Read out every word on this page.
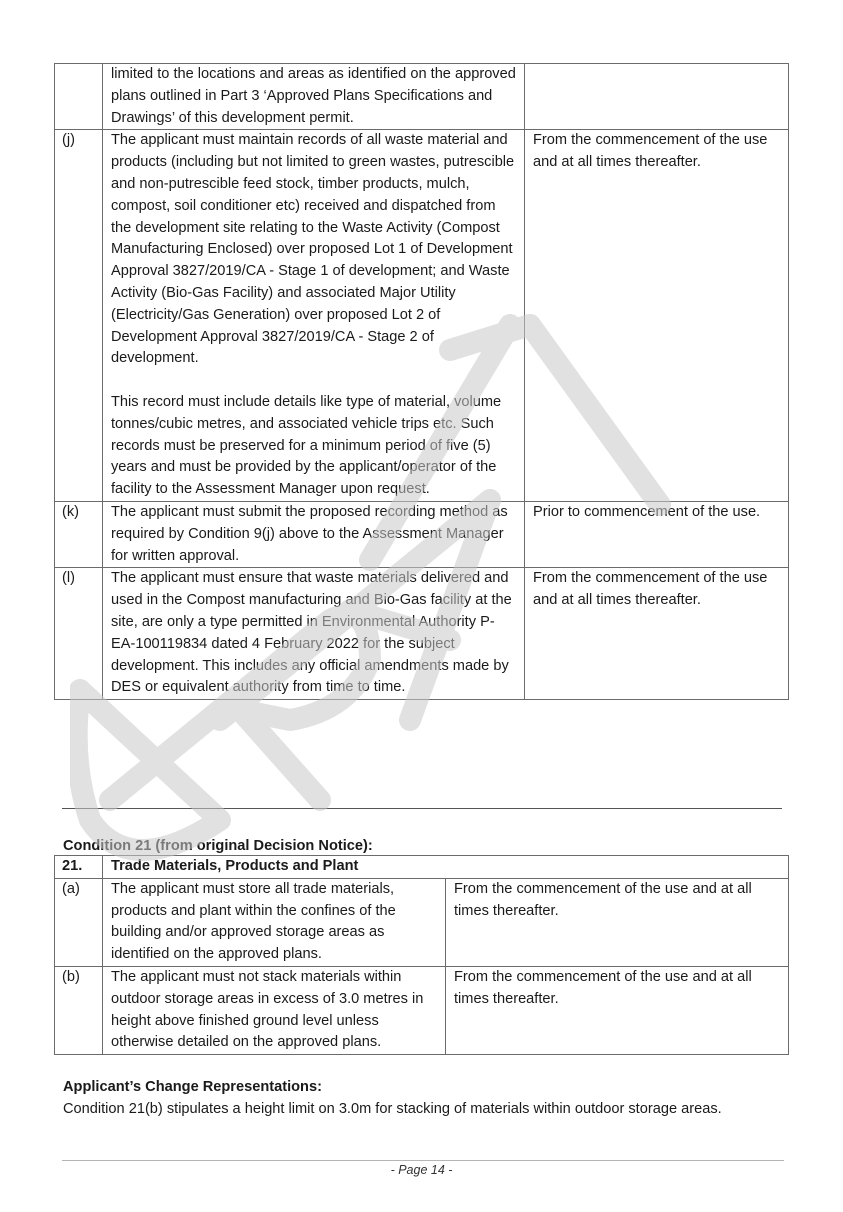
	limited to the locations and areas as identified on the approved plans outlined in Part 3 ‘Approved Plans Specifications and Drawings’ of this development permit.	

(j)	The applicant must maintain records of all waste material and products (including but not limited to green wastes, putrescible and non-putrescible feed stock, timber products, mulch, compost, soil conditioner etc) received and dispatched from the development site relating to the Waste Activity (Compost Manufacturing Enclosed) over proposed Lot 1 of Development Approval 3827/2019/CA - Stage 1 of development; and Waste Activity (Bio-Gas Facility) and associated Major Utility (Electricity/Gas Generation) over proposed Lot 2 of Development Approval 3827/2019/CA - Stage 2 of development.
This record must include details like type of material, volume tonnes/cubic metres, and associated vehicle trips etc. Such records must be preserved for a minimum period of five (5) years and must be provided by the applicant/operator of the facility to the Assessment Manager upon request.	From the commencement of the use and at all times thereafter.
(k)	The applicant must submit the proposed recording method as required by Condition 9(j) above to the Assessment Manager for written approval.	Prior to commencement of the use.
(l)	The applicant must ensure that waste materials delivered and used in the Compost manufacturing and Bio-Gas facility at the site, are only a type permitted in Environmental Authority P-EA-100119834 dated 4 February 2022 for the subject development. This includes any official amendments made by DES or equivalent authority from time to time.	From the commencement of the use and at all times thereafter.
Condition 21 (from original Decision Notice):
21.	Trade Materials, Products and Plant	
(a)	The applicant must store all trade materials, products and plant within the confines of the building and/or approved storage areas as identified on the approved plans.	From the commencement of the use and at all times thereafter.
(b)	The applicant must not stack materials within outdoor storage areas in excess of 3.0 metres in height above finished ground level unless otherwise detailed on the approved plans.	From the commencement of the use and at all times thereafter.
Applicant’s Change Representations:
Condition 21(b) stipulates a height limit on 3.0m for stacking of materials within outdoor storage areas.
- Page 14 -
